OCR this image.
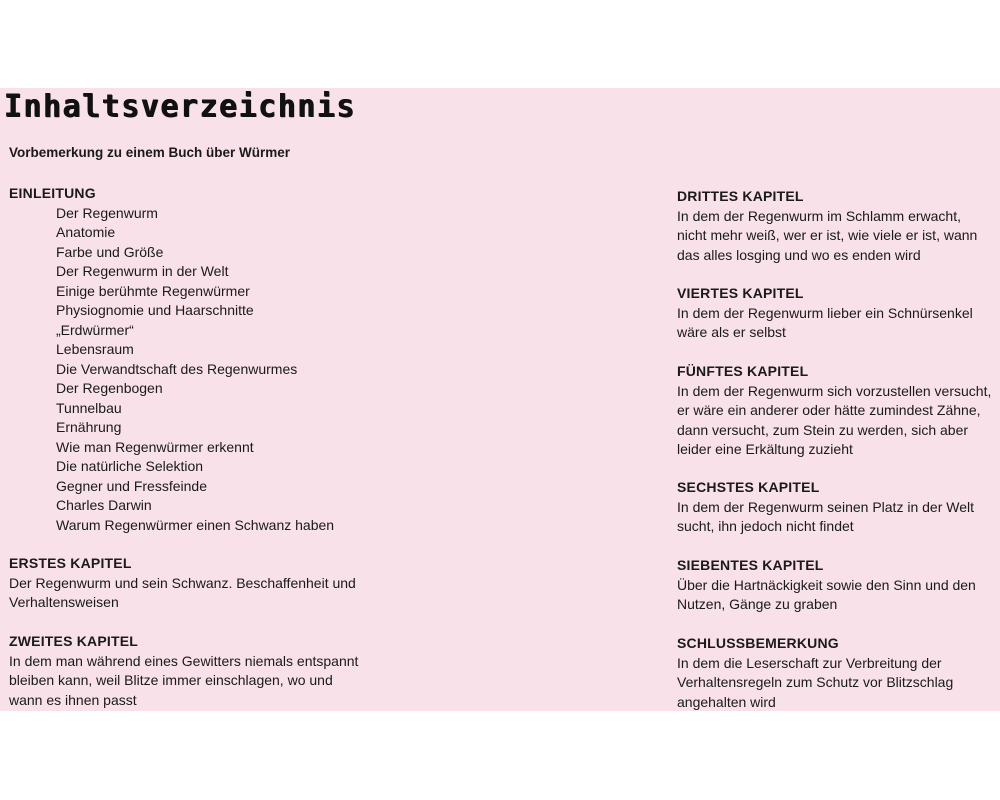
Inhaltsverzeichnis
Vorbemerkung zu einem Buch über Würmer
EINLEITUNG
Der Regenwurm
Anatomie
Farbe und Größe
Der Regenwurm in der Welt
Einige berühmte Regenwürmer
Physiognomie und Haarschnitte
„Erdwürmer“
Lebensraum
Die Verwandtschaft des Regenwurmes
Der Regenbogen
Tunnelbau
Ernährung
Wie man Regenwürmer erkennt
Die natürliche Selektion
Gegner und Fressfeinde
Charles Darwin
Warum Regenwürmer einen Schwanz haben
ERSTES KAPITEL
Der Regenwurm und sein Schwanz. Beschaffenheit und
Verhaltensweisen
ZWEITES KAPITEL
In dem man während eines Gewitters niemals entspannt
bleiben kann, weil Blitze immer einschlagen, wo und
wann es ihnen passt
DRITTES KAPITEL
In dem der Regenwurm im Schlamm erwacht,
nicht mehr weiß, wer er ist, wie viele er ist, wann
das alles losging und wo es enden wird
VIERTES KAPITEL
In dem der Regenwurm lieber ein Schnürsenkel
wäre als er selbst
FÜNFTES KAPITEL
In dem der Regenwurm sich vorzustellen versucht,
er wäre ein anderer oder hätte zumindest Zähne,
dann versucht, zum Stein zu werden, sich aber
leider eine Erkältung zuzieht
SECHSTES KAPITEL
In dem der Regenwurm seinen Platz in der Welt
sucht, ihn jedoch nicht findet
SIEBENTES KAPITEL
Über die Hartnäckigkeit sowie den Sinn und den
Nutzen, Gänge zu graben
SCHLUSSBEMERKUNG
In dem die Leserschaft zur Verbreitung der
Verhaltensregeln zum Schutz vor Blitzschlag
angehalten wird
